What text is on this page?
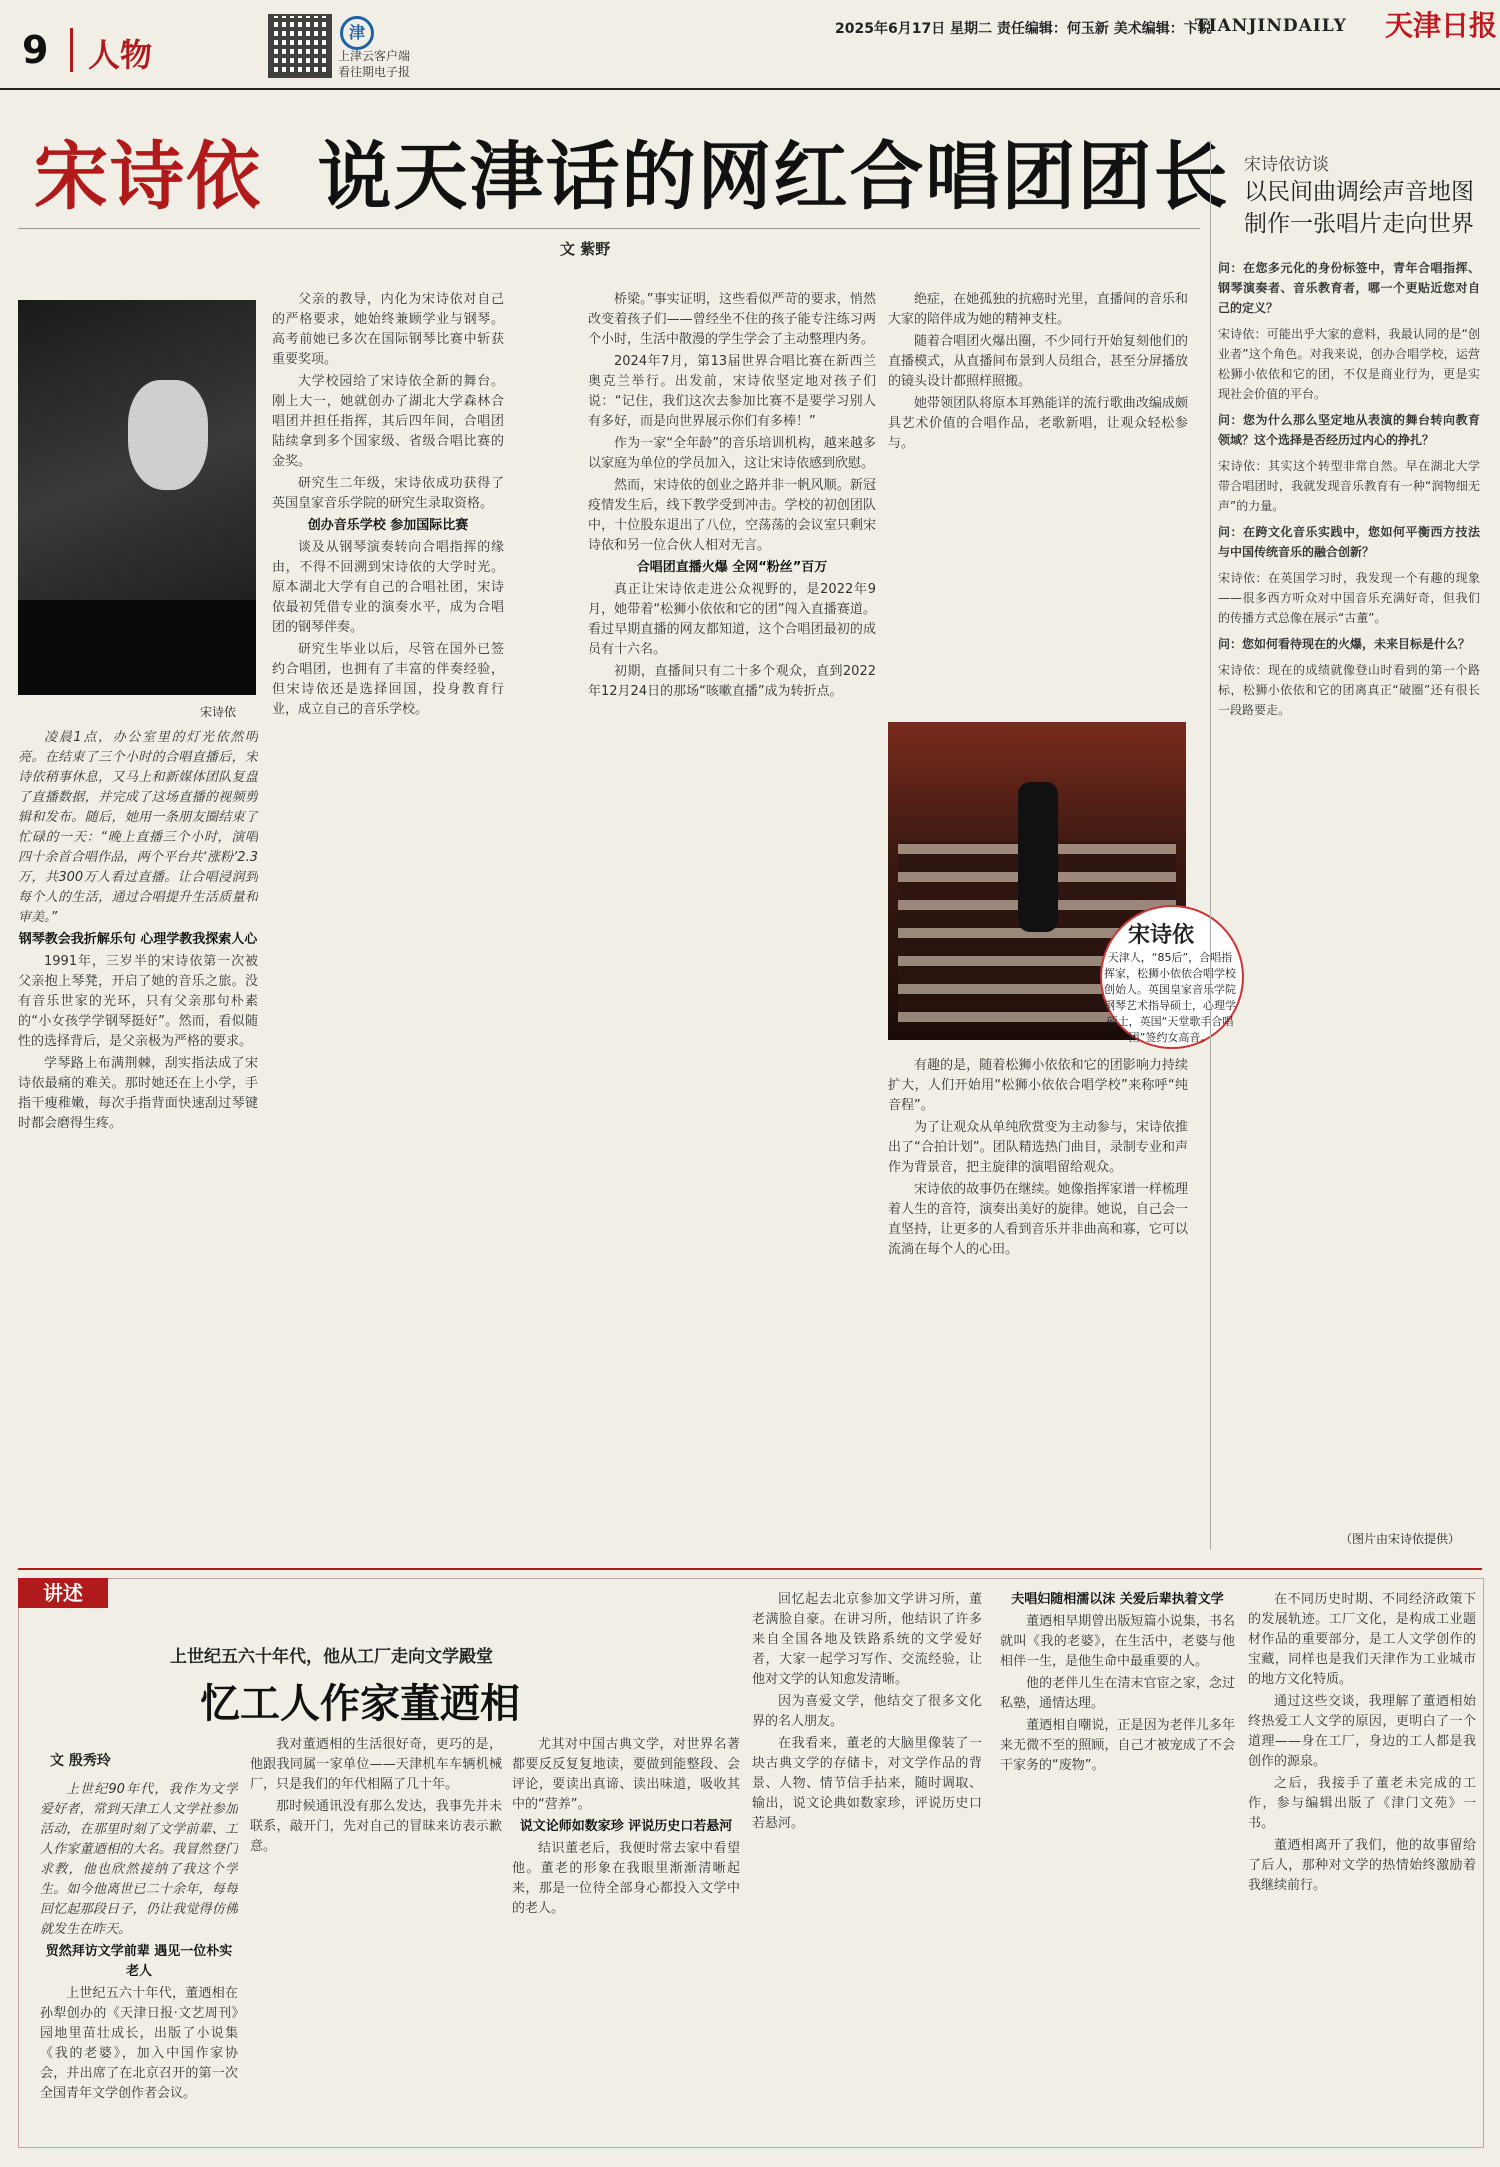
9 人物
津
上津云客户端
看往期电子报
2025年6月17日 星期二 责任编辑：何玉新 美术编辑：卞锐
TIANJINDAILY 天津日报
宋诗依 说天津话的网红合唱团团长
文 紫野
宋诗依

凌晨1点，办公室里的灯光依然明亮。在结束了三个小时的合唱直播后，宋诗依稍事休息，又马上和新媒体团队复盘了直播数据，并完成了这场直播的视频剪辑和发布。随后，她用一条朋友圈结束了忙碌的一天：“晚上直播三个小时，演唱四十余首合唱作品，两个平台共‘涨粉’2.3万，共300万人看过直播。让合唱浸润到每个人的生活，通过合唱提升生活质量和审美。”

钢琴教会我折解乐句 心理学教我探索人心

1991年，三岁半的宋诗依第一次被父亲抱上琴凳，开启了她的音乐之旅。没有音乐世家的光环，只有父亲那句朴素的“小女孩学学钢琴挺好”。然而，看似随性的选择背后，是父亲极为严格的要求。

学琴路上布满荆棘，刮实指法成了宋诗依最痛的难关。那时她还在上小学，手指干瘦稚嫩，每次手指背面快速刮过琴键时都会磨得生疼。

父亲的教导，内化为宋诗依对自己的严格要求，她始终兼顾学业与钢琴。高考前她已多次在国际钢琴比赛中斩获重要奖项。

大学校园给了宋诗依全新的舞台。刚上大一，她就创办了湖北大学森林合唱团并担任指挥，其后四年间，合唱团陆续拿到多个国家级、省级合唱比赛的金奖。

研究生二年级，宋诗依成功获得了英国皇家音乐学院的研究生录取资格。

创办音乐学校 参加国际比赛

谈及从钢琴演奏转向合唱指挥的缘由，不得不回溯到宋诗依的大学时光。原本湖北大学有自己的合唱社团，宋诗依最初凭借专业的演奏水平，成为合唱团的钢琴伴奏。

研究生毕业以后，尽管在国外已签约合唱团，也拥有了丰富的伴奏经验，但宋诗依还是选择回国，投身教育行业，成立自己的音乐学校。

桥梁。”事实证明，这些看似严苛的要求，悄然改变着孩子们——曾经坐不住的孩子能专注练习两个小时，生活中散漫的学生学会了主动整理内务。

2024年7月，第13届世界合唱比赛在新西兰奥克兰举行。出发前，宋诗依坚定地对孩子们说：“记住，我们这次去参加比赛不是要学习别人有多好，而是向世界展示你们有多棒！”

作为一家“全年龄”的音乐培训机构，越来越多以家庭为单位的学员加入，这让宋诗依感到欣慰。

然而，宋诗依的创业之路并非一帆风顺。新冠疫情发生后，线下教学受到冲击。学校的初创团队中，十位股东退出了八位，空荡荡的会议室只剩宋诗依和另一位合伙人相对无言。

合唱团直播火爆 全网“粉丝”百万

真正让宋诗依走进公众视野的，是2022年9月，她带着“松狮小依依和它的团”闯入直播赛道。看过早期直播的网友都知道，这个合唱团最初的成员有十六名。

初期，直播间只有二十多个观众，直到2022年12月24日的那场“咳嗽直播”成为转折点。

绝症，在她孤独的抗癌时光里，直播间的音乐和大家的陪伴成为她的精神支柱。

随着合唱团火爆出圈，不少同行开始复刻他们的直播模式，从直播间布景到人员组合，甚至分屏播放的镜头设计都照样照搬。

她带领团队将原本耳熟能详的流行歌曲改编成颇具艺术价值的合唱作品，老歌新唱，让观众轻松参与。

宋诗依
天津人，“85后”，合唱指挥家，松狮小依依合唱学校创始人。英国皇家音乐学院钢琴艺术指导硕士，心理学硕士，英国“天堂歌手合唱团”签约女高音。

有趣的是，随着松狮小依依和它的团影响力持续扩大，人们开始用“松狮小依依合唱学校”来称呼“纯音程”。

为了让观众从单纯欣赏变为主动参与，宋诗依推出了“合拍计划”。团队精选热门曲目，录制专业和声作为背景音，把主旋律的演唱留给观众。

宋诗依的故事仍在继续。她像指挥家谱一样梳理着人生的音符，演奏出美好的旋律。她说，自己会一直坚持，让更多的人看到音乐并非曲高和寡，它可以流淌在每个人的心田。

宋诗依访谈
以民间曲调绘声音地图
制作一张唱片走向世界

问：在您多元化的身份标签中，青年合唱指挥、钢琴演奏者、音乐教育者，哪一个更贴近您对自己的定义？

宋诗依：可能出乎大家的意料，我最认同的是“创业者”这个角色。对我来说，创办合唱学校，运营松狮小依依和它的团，不仅是商业行为，更是实现社会价值的平台。

问：您为什么那么坚定地从表演的舞台转向教育领域？这个选择是否经历过内心的挣扎？

宋诗依：其实这个转型非常自然。早在湖北大学带合唱团时，我就发现音乐教育有一种“润物细无声”的力量。

问：在跨文化音乐实践中，您如何平衡西方技法与中国传统音乐的融合创新？

宋诗依：在英国学习时，我发现一个有趣的现象——很多西方听众对中国音乐充满好奇，但我们的传播方式总像在展示“古董”。

问：您如何看待现在的火爆，未来目标是什么？

宋诗依：现在的成绩就像登山时看到的第一个路标，松狮小依依和它的团离真正“破圈”还有很长一段路要走。

（图片由宋诗依提供）
讲述
上世纪五六十年代，他从工厂走向文学殿堂
忆工人作家董迺相
文 殷秀玲

上世纪90年代，我作为文学爱好者，常到天津工人文学社参加活动，在那里时刻了文学前辈、工人作家董迺相的大名。我冒然登门求教，他也欣然接纳了我这个学生。如今他离世已二十余年，每每回忆起那段日子，仍让我觉得仿佛就发生在昨天。

贸然拜访文学前辈 遇见一位朴实老人

上世纪五六十年代，董迺相在孙犁创办的《天津日报·文艺周刊》园地里苗壮成长，出版了小说集《我的老婆》，加入中国作家协会，并出席了在北京召开的第一次全国青年文学创作者会议。

我对董迺相的生活很好奇，更巧的是，他跟我同属一家单位——天津机车车辆机械厂，只是我们的年代相隔了几十年。

那时候通讯没有那么发达，我事先并未联系，敲开门，先对自己的冒昧来访表示歉意。

尤其对中国古典文学，对世界名著都要反反复复地读，要做到能整段、会评论，要读出真谛、读出味道，吸收其中的“营养”。

说文论师如数家珍 评说历史口若悬河

结识董老后，我便时常去家中看望他。董老的形象在我眼里渐渐清晰起来，那是一位待全部身心都投入文学中的老人。

回忆起去北京参加文学讲习所，董老满脸自豪。在讲习所，他结识了许多来自全国各地及铁路系统的文学爱好者，大家一起学习写作、交流经验，让他对文学的认知愈发清晰。

因为喜爱文学，他结交了很多文化界的名人朋友。

在我看来，董老的大脑里像装了一块古典文学的存储卡，对文学作品的背景、人物、情节信手拈来，随时调取、输出，说文论典如数家珍，评说历史口若悬河。

夫唱妇随相濡以沫 关爱后辈执着文学

董迺相早期曾出版短篇小说集，书名就叫《我的老婆》，在生活中，老婆与他相伴一生，是他生命中最重要的人。

他的老伴儿生在清末官宦之家，念过私塾，通情达理。

董迺相自嘲说，正是因为老伴儿多年来无微不至的照顾，自己才被宠成了不会干家务的“废物”。

在不同历史时期、不同经济政策下的发展轨迹。工厂文化，是构成工业题材作品的重要部分，是工人文学创作的宝藏，同样也是我们天津作为工业城市的地方文化特质。

通过这些交谈，我理解了董迺相始终热爱工人文学的原因，更明白了一个道理——身在工厂，身边的工人都是我创作的源泉。

之后，我接手了董老未完成的工作，参与编辑出版了《津门文苑》一书。

董迺相离开了我们，他的故事留给了后人，那种对文学的热情始终激励着我继续前行。
